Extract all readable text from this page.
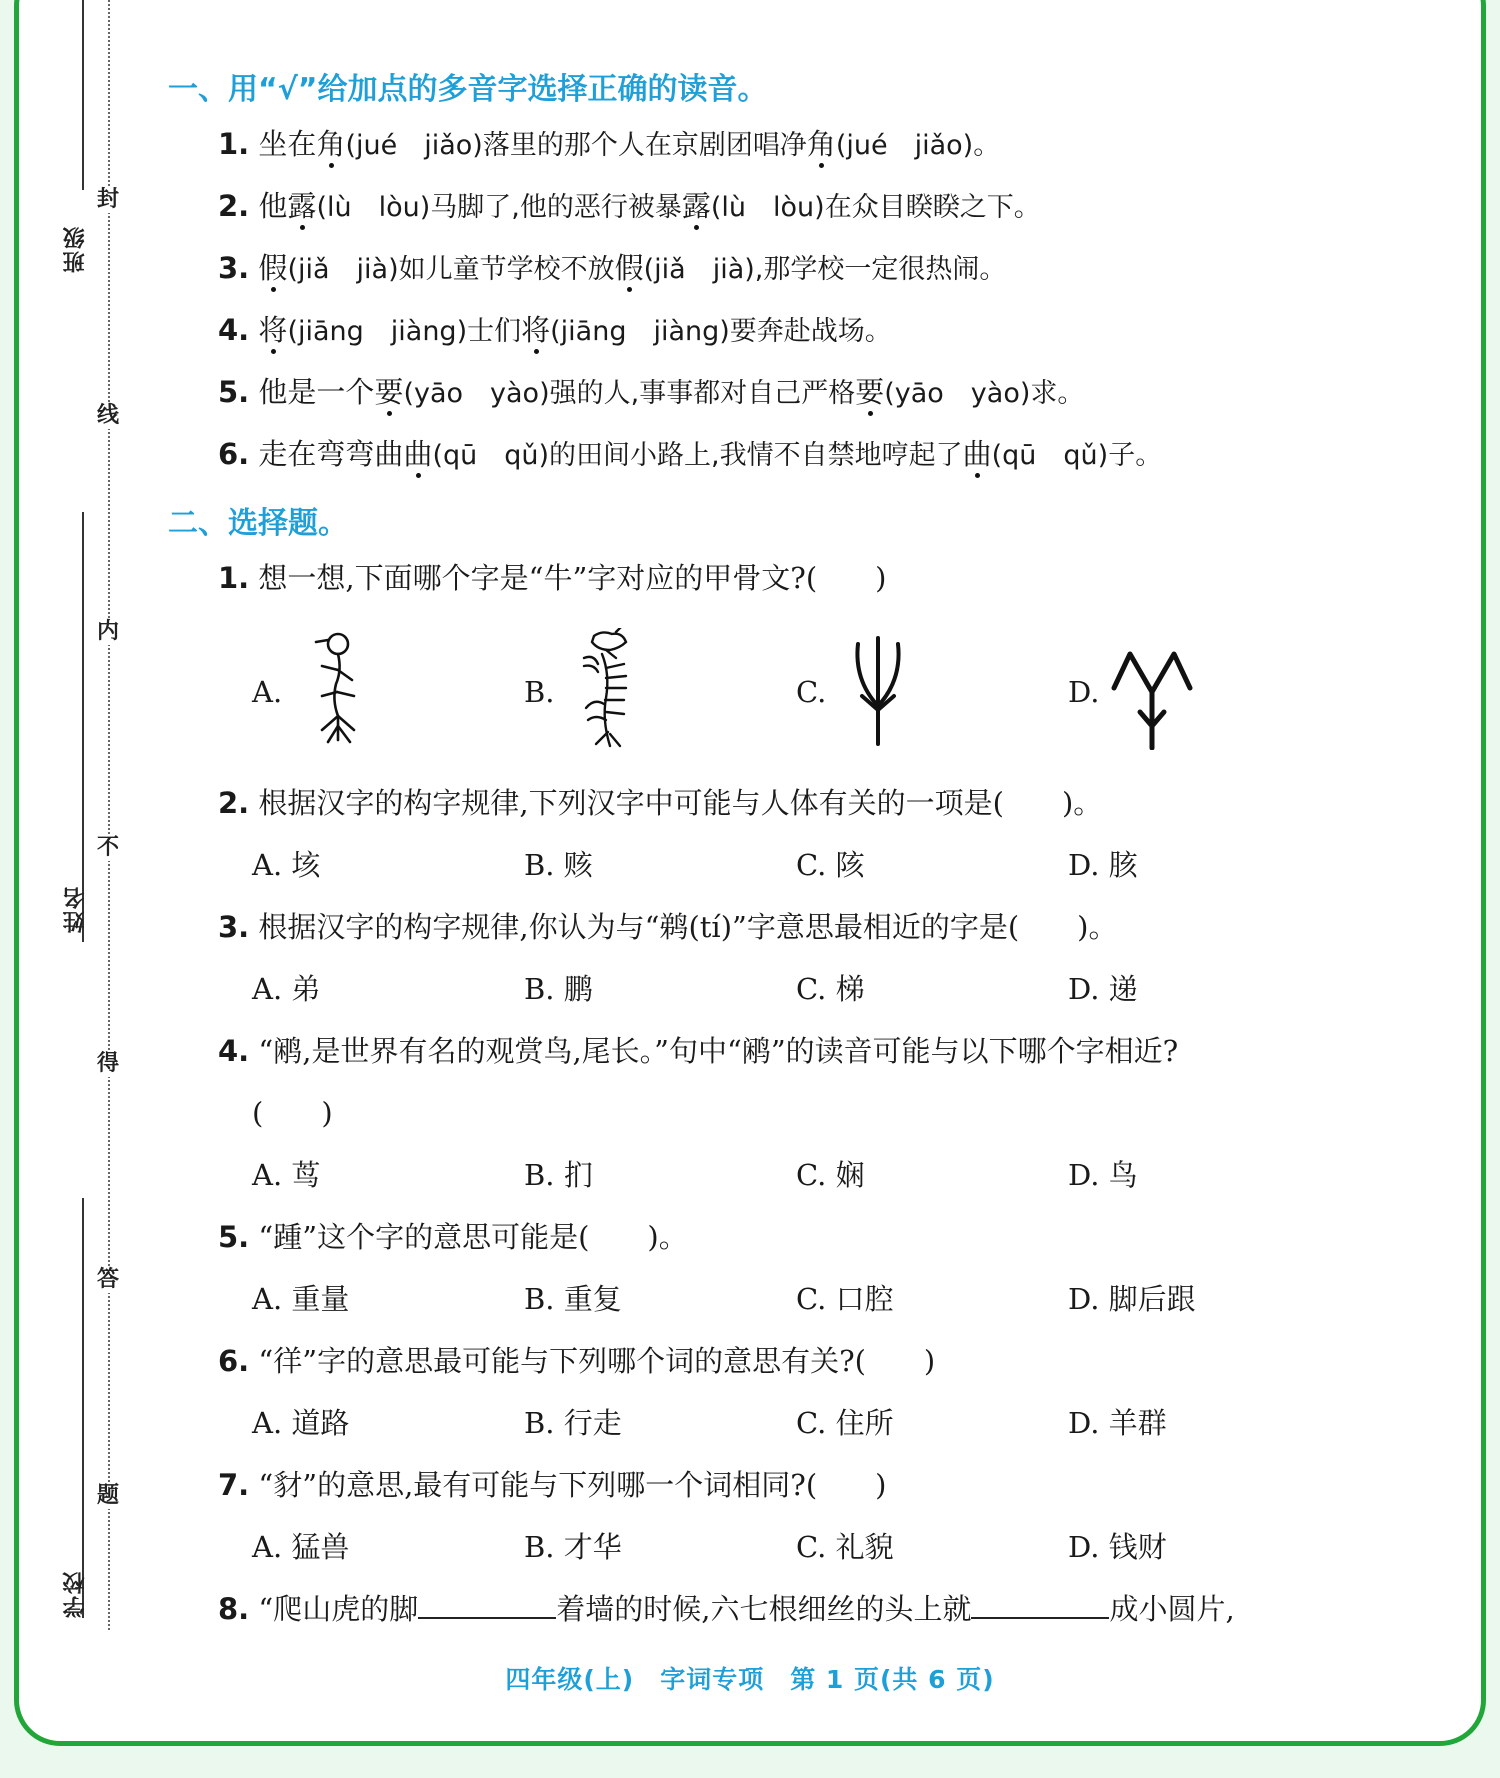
班级
姓名
学校
封
线
内
不
得
答
题
一、用“√”给加点的多音字选择正确的读音。
1. 坐在角(jué　jiǎo)落里的那个人在京剧团唱净角(jué　jiǎo)。
2. 他露(lù　lòu)马脚了,他的恶行被暴露(lù　lòu)在众目睽睽之下。
3. 假(jiǎ　jià)如儿童节学校不放假(jiǎ　jià),那学校一定很热闹。
4. 将(jiāng　jiàng)士们将(jiāng　jiàng)要奔赴战场。
5. 他是一个要(yāo　yào)强的人,事事都对自己严格要(yāo　yào)求。
6. 走在弯弯曲曲(qū　qǔ)的田间小路上,我情不自禁地哼起了曲(qū　qǔ)子。
二、选择题。
1. 想一想,下面哪个字是“牛”字对应的甲骨文?(　　)
A.	B.	C.	D.
2. 根据汉字的构字规律,下列汉字中可能与人体有关的一项是(　　)。
A. 垓	B. 赅	C. 陔	D. 胲
3. 根据汉字的构字规律,你认为与“鹈(tí)”字意思最相近的字是(　　)。
A. 弟	B. 鹏	C. 梯	D. 递
4. “鹇,是世界有名的观赏鸟,尾长。”句中“鹇”的读音可能与以下哪个字相近?
(　　)
A. 茑	B. 扪	C. 娴	D. 鸟
5. “踵”这个字的意思可能是(　　)。
A. 重量	B. 重复	C. 口腔	D. 脚后跟
6. “徉”字的意思最可能与下列哪个词的意思有关?(　　)
A. 道路	B. 行走	C. 住所	D. 羊群
7. “豺”的意思,最有可能与下列哪一个词相同?(　　)
A. 猛兽	B. 才华	C. 礼貌	D. 钱财
8. “爬山虎的脚	着墙的时候,六七根细丝的头上就	成小圆片,
四年级(上)　字词专项　第 1 页(共 6 页)
